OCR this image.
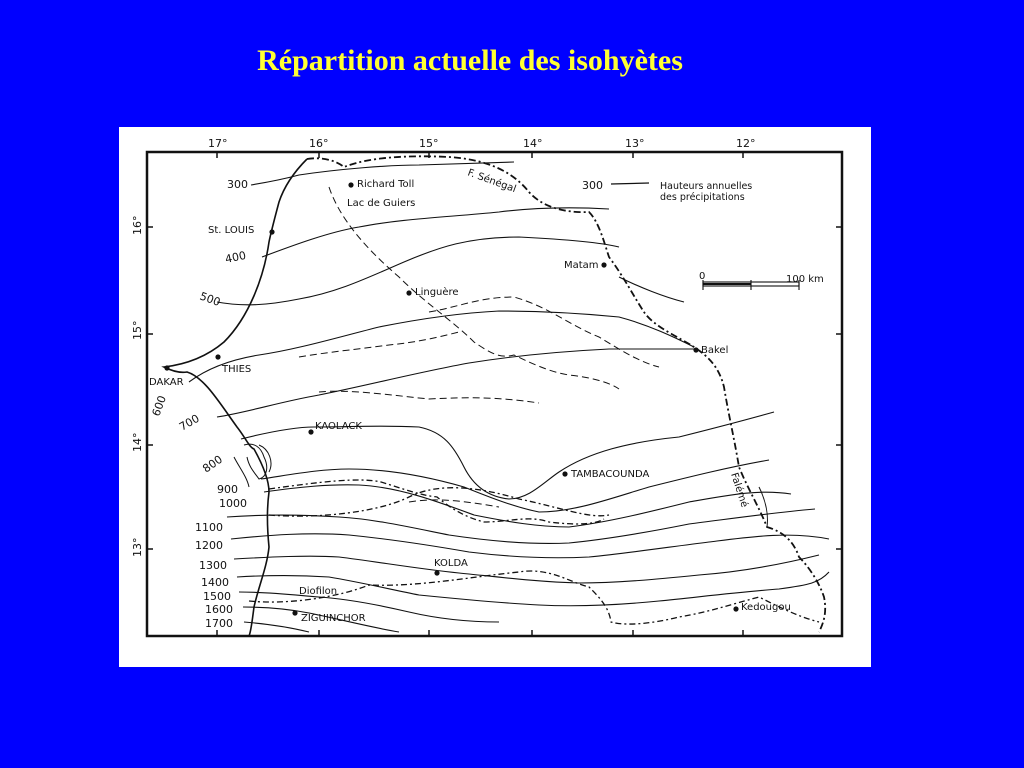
Répartition actuelle des isohyètes
17°	16°	15°	14°	13°	12°
16°
15°
14°
13°
300
400
500
600
700
800
900
1000
1100
1200
1300
1400
1500
1600
1700
Richard Toll
Lac de Guiers
St. LOUIS
Linguère
Matam
Bakel
THIES
DAKAR
KAOLACK
TAMBACOUNDA
KOLDA
Diofilon
ZIGUINCHOR
Kedougou
F. Sénégal
Falémé
300	Hauteurs annuelles
des précipitations
0	100 km
